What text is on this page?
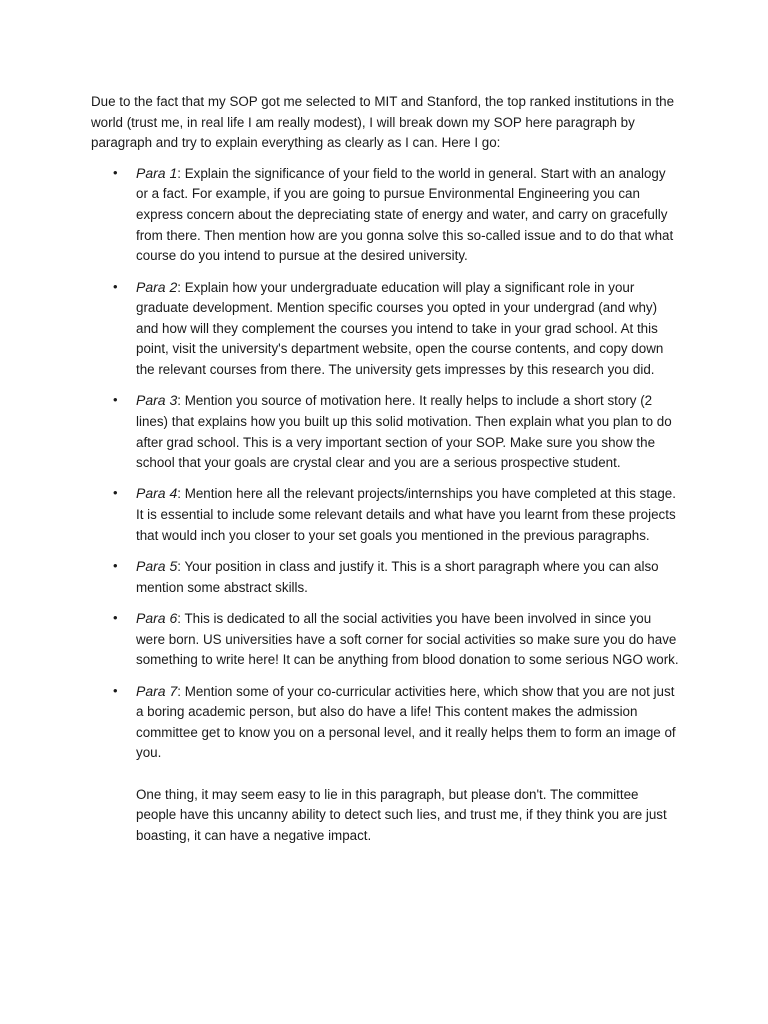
Due to the fact that my SOP got me selected to MIT and Stanford, the top ranked institutions in the world (trust me, in real life I am really modest), I will break down my SOP here paragraph by paragraph and try to explain everything as clearly as I can. Here I go:

• Para 1: Explain the significance of your field to the world in general. Start with an analogy or a fact. For example, if you are going to pursue Environmental Engineering you can express concern about the depreciating state of energy and water, and carry on gracefully from there. Then mention how are you gonna solve this so-called issue and to do that what course do you intend to pursue at the desired university.
• Para 2: Explain how your undergraduate education will play a significant role in your graduate development. Mention specific courses you opted in your undergrad (and why) and how will they complement the courses you intend to take in your grad school. At this point, visit the university's department website, open the course contents, and copy down the relevant courses from there. The university gets impresses by this research you did.
• Para 3: Mention you source of motivation here. It really helps to include a short story (2 lines) that explains how you built up this solid motivation. Then explain what you plan to do after grad school. This is a very important section of your SOP. Make sure you show the school that your goals are crystal clear and you are a serious prospective student.
• Para 4: Mention here all the relevant projects/internships you have completed at this stage. It is essential to include some relevant details and what have you learnt from these projects that would inch you closer to your set goals you mentioned in the previous paragraphs.
• Para 5: Your position in class and justify it. This is a short paragraph where you can also mention some abstract skills.
• Para 6: This is dedicated to all the social activities you have been involved in since you were born. US universities have a soft corner for social activities so make sure you do have something to write here! It can be anything from blood donation to some serious NGO work.
• Para 7: Mention some of your co-curricular activities here, which show that you are not just a boring academic person, but also do have a life! This content makes the admission committee get to know you on a personal level, and it really helps them to form an image of you.

One thing, it may seem easy to lie in this paragraph, but please don't. The committee people have this uncanny ability to detect such lies, and trust me, if they think you are just boasting, it can have a negative impact.
